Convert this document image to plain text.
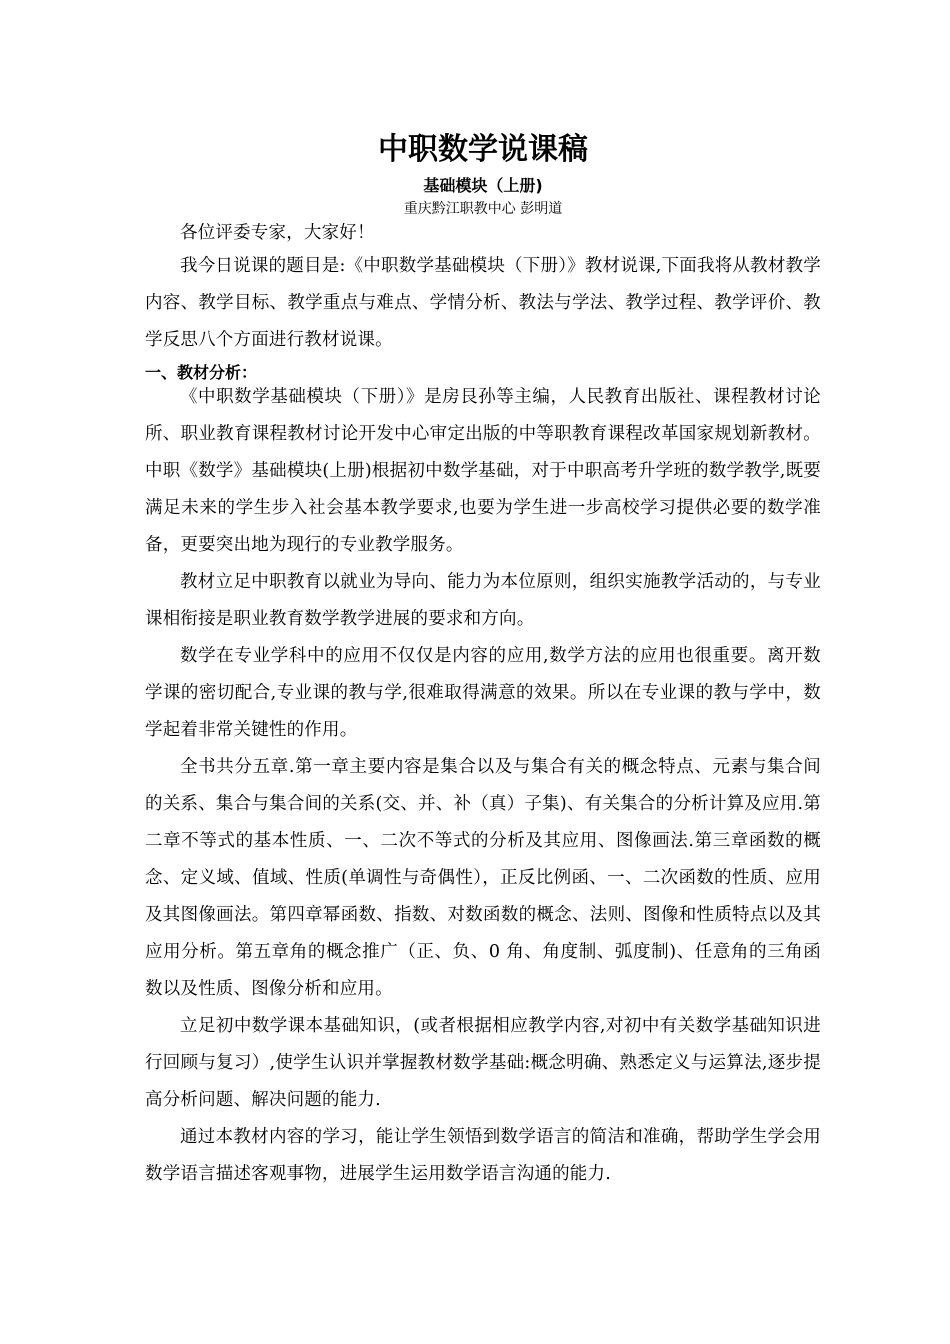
中职数学说课稿
基础模块（上册)
重庆黔江职教中心 彭明道

各位评委专家，大家好！

我今日说课的题目是:《中职数学基础模块（下册）》教材说课,下面我将从教材教学内容、教学目标、教学重点与难点、学情分析、教法与学法、教学过程、教学评价、教学反思八个方面进行教材说课。

一、教材分析：

《中职数学基础模块（下册）》是房艮孙等主编，人民教育出版社、课程教材讨论所、职业教育课程教材讨论开发中心审定出版的中等职教育课程改革国家规划新教材。中职《数学》基础模块(上册)根据初中数学基础，对于中职高考升学班的数学教学,既要满足未来的学生步入社会基本教学要求,也要为学生进一步高校学习提供必要的数学准备，更要突出地为现行的专业教学服务。

教材立足中职教育以就业为导向、能力为本位原则，组织实施教学活动的，与专业课相衔接是职业教育数学教学进展的要求和方向。

数学在专业学科中的应用不仅仅是内容的应用,数学方法的应用也很重要。离开数学课的密切配合,专业课的教与学,很难取得满意的效果。所以在专业课的教与学中，数学起着非常关键性的作用。

全书共分五章.第一章主要内容是集合以及与集合有关的概念特点、元素与集合间的关系、集合与集合间的关系(交、并、补（真）子集)、有关集合的分析计算及应用.第二章不等式的基本性质、一、二次不等式的分析及其应用、图像画法.第三章函数的概念、定义域、值域、性质(单调性与奇偶性），正反比例函、一、二次函数的性质、应用及其图像画法。第四章幂函数、指数、对数函数的概念、法则、图像和性质特点以及其应用分析。第五章角的概念推广（正、负、0 角、角度制、弧度制)、任意角的三角函数以及性质、图像分析和应用。

立足初中数学课本基础知识，(或者根据相应教学内容,对初中有关数学基础知识进行回顾与复习）,使学生认识并掌握教材数学基础:概念明确、熟悉定义与运算法,逐步提高分析问题、解决问题的能力.

通过本教材内容的学习，能让学生领悟到数学语言的简洁和准确，帮助学生学会用数学语言描述客观事物，进展学生运用数学语言沟通的能力.
